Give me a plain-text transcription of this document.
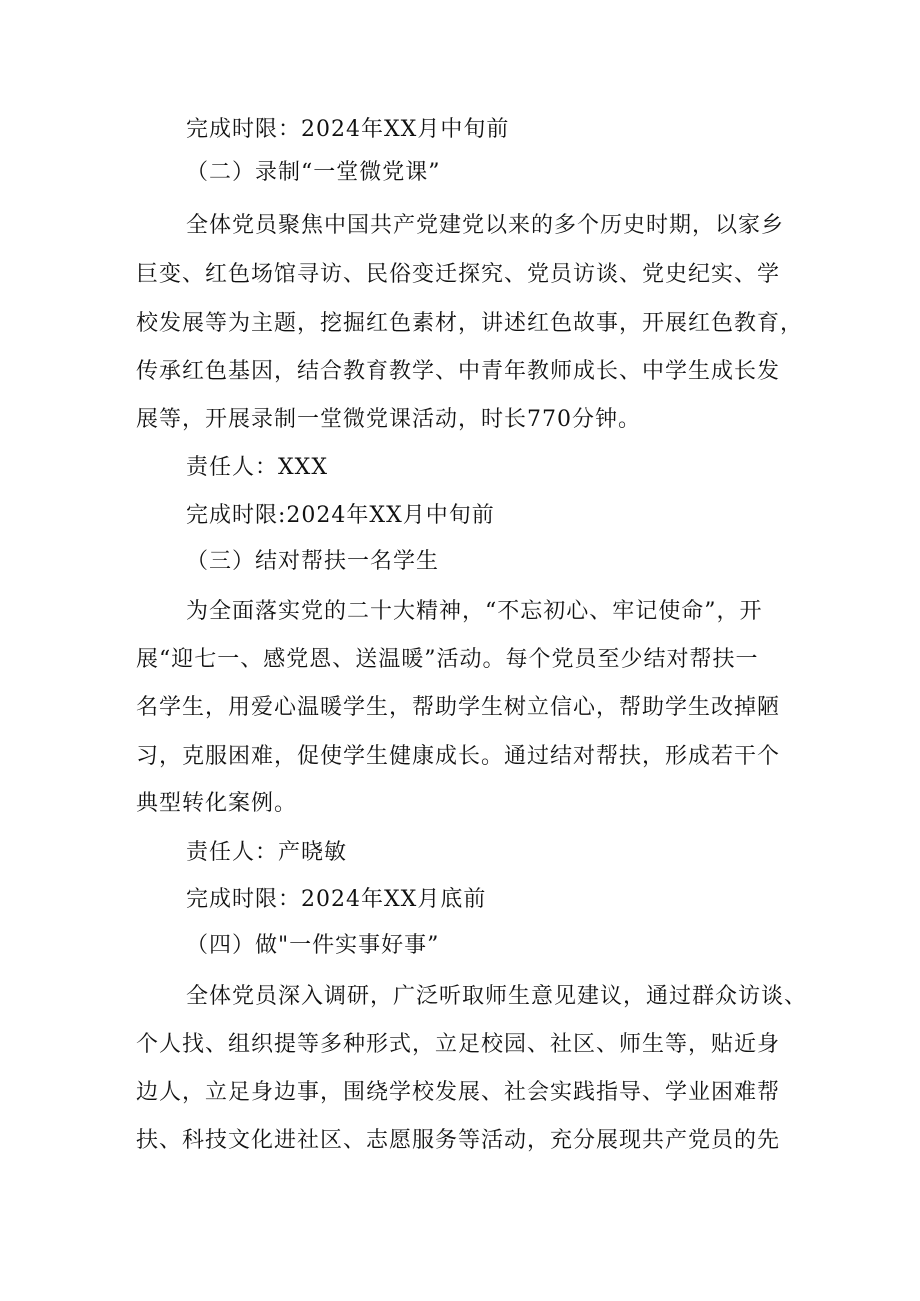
完成时限：2024年XX月中旬前
（二）录制“一堂微党课”
全体党员聚焦中国共产党建党以来的多个历史时期，以家乡
巨变、红色场馆寻访、民俗变迁探究、党员访谈、党史纪实、学
校发展等为主题，挖掘红色素材，讲述红色故事，开展红色教育，
传承红色基因，结合教育教学、中青年教师成长、中学生成长发
展等，开展录制一堂微党课活动，时长770分钟。
责任人：XXX
完成时限:2024年XX月中旬前
（三）结对帮扶一名学生
为全面落实党的二十大精神，“不忘初心、牢记使命”，开
展“迎七一、感党恩、送温暖”活动。每个党员至少结对帮扶一
名学生，用爱心温暖学生，帮助学生树立信心，帮助学生改掉陋
习，克服困难，促使学生健康成长。通过结对帮扶，形成若干个
典型转化案例。
责任人：产晓敏
完成时限：2024年XX月底前
（四）做"一件实事好事”
全体党员深入调研，广泛听取师生意见建议，通过群众访谈、
个人找、组织提等多种形式，立足校园、社区、师生等，贴近身
边人，立足身边事，围绕学校发展、社会实践指导、学业困难帮
扶、科技文化进社区、志愿服务等活动，充分展现共产党员的先
